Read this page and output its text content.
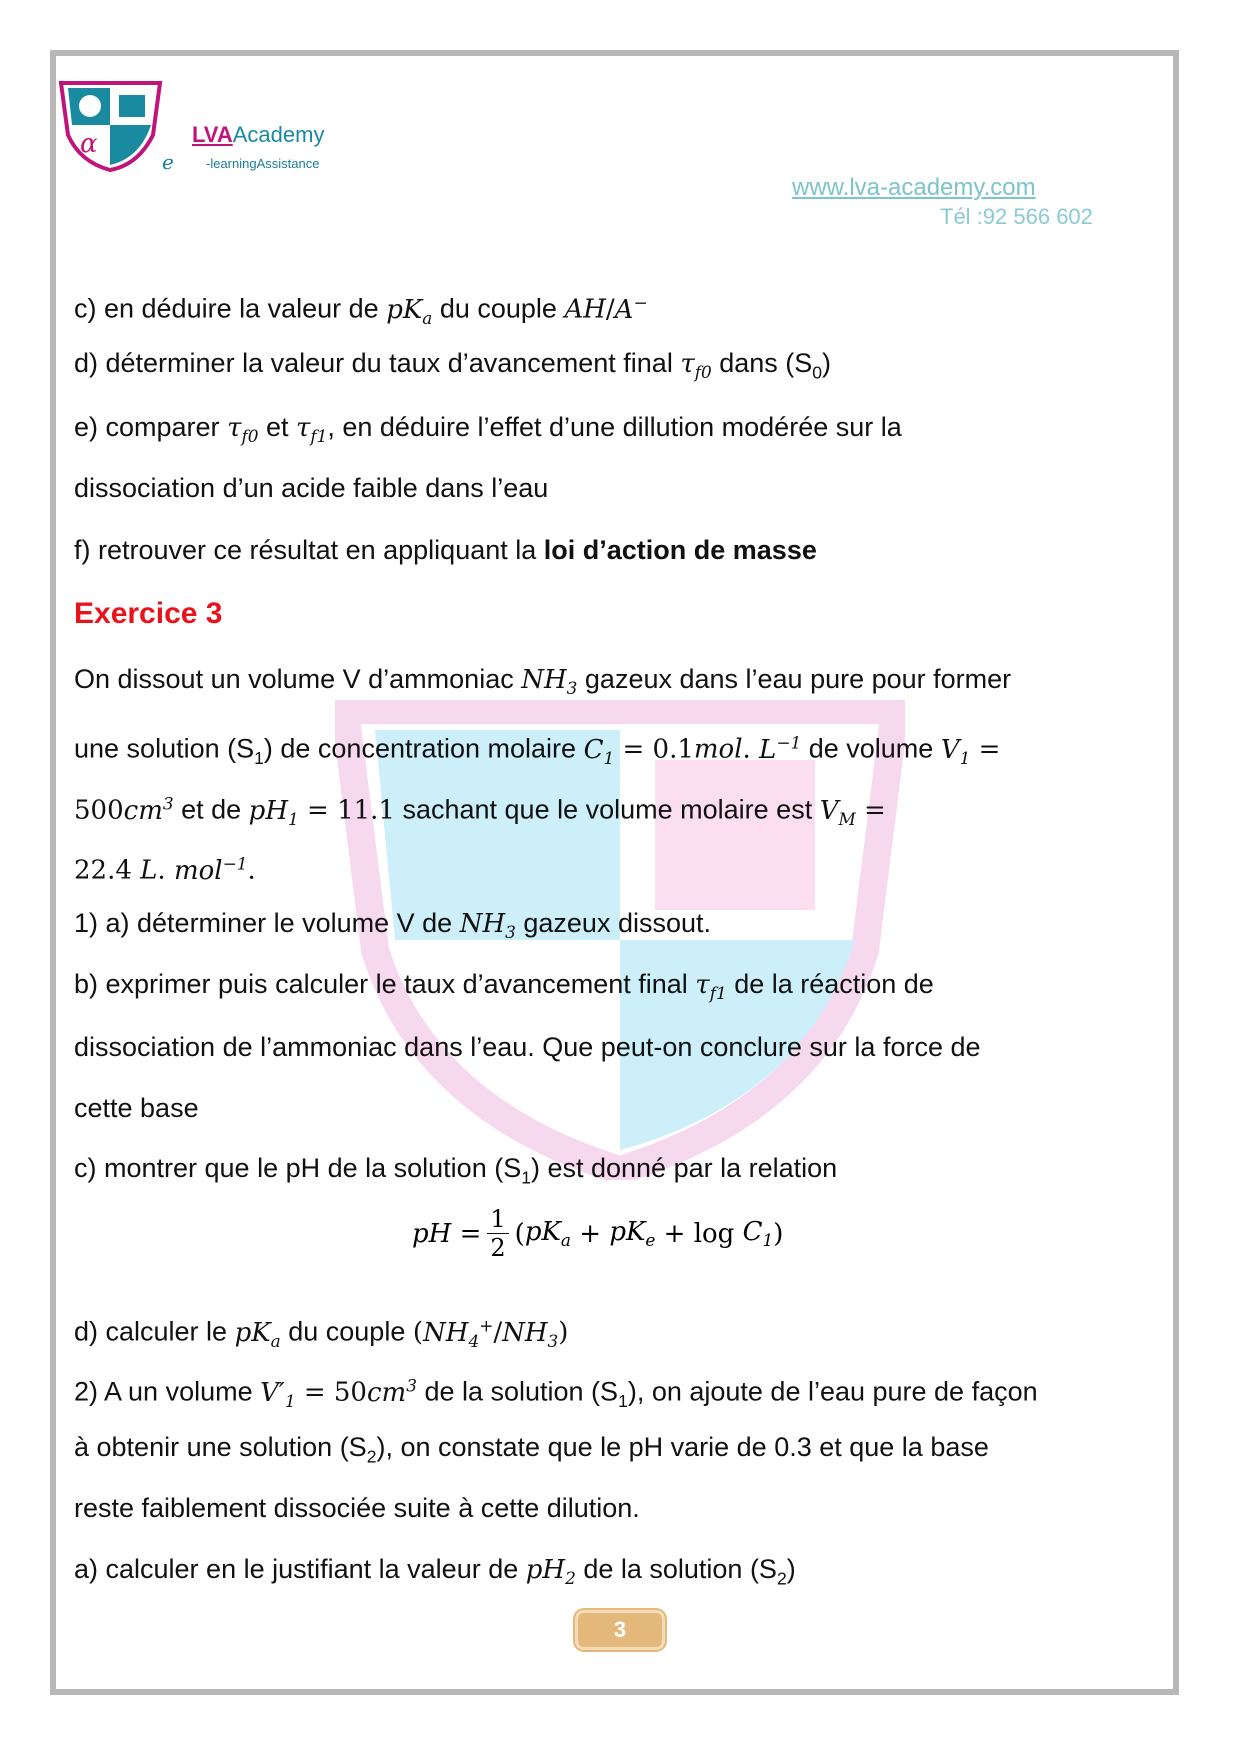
α	LVAAcademy
e -learningAssistance
www.lva-academy.com
Tél :92 566 602
c) en déduire la valeur de $pK_a$ du couple AH/A−
d) déterminer la valeur du taux d’avancement final $\tau_{f0}$ dans $(S_0)$
e) comparer $\tau_{f0}$ et $\tau_{f1}$, en déduire l’effet d’une dillution modérée sur la
dissociation d’un acide faible dans l’eau
f) retrouver ce résultat en appliquant la loi d’action de masse
Exercice 3
On dissout un volume V d’ammoniac $NH_3$ gazeux dans l’eau pure pour former
une solution $(S_1)$ de concentration molaire $C_1 = 0.1mol$. $L^{-1}$ de volume $V_1$ =
$500cm^3$ et de $pH_1 = 11.1$ sachant que le volume molaire est $V_M$ =
22.4 L. mol$^{-1}$.
1) a) déterminer le volume V de $NH_3$ gazeux dissout.
b) exprimer puis calculer le taux d’avancement final $\tau_{f1}$ de la réaction de
dissociation de l’ammoniac dans l’eau. Que peut-on conclure sur la force de
cette base
c) montrer que le pH de la solution $(S_1)$ est donné par la relation
pH = $\frac{1}{2}$ ( $pK_a + pK_e + \log C_1$ )
d) calculer le $pK_a$ du couple $(NH_4^+/NH_3)$
2) A un volume $V'_1 = 50cm^3$ de la solution $(S_1)$, on ajoute de l’eau pure de façon
à obtenir une solution $(S_2)$, on constate que le pH varie de 0.3 et que la base
reste faiblement dissociée suite à cette dilution.
a) calculer en le justifiant la valeur de $pH_2$ de la solution $(S_2)$
3
